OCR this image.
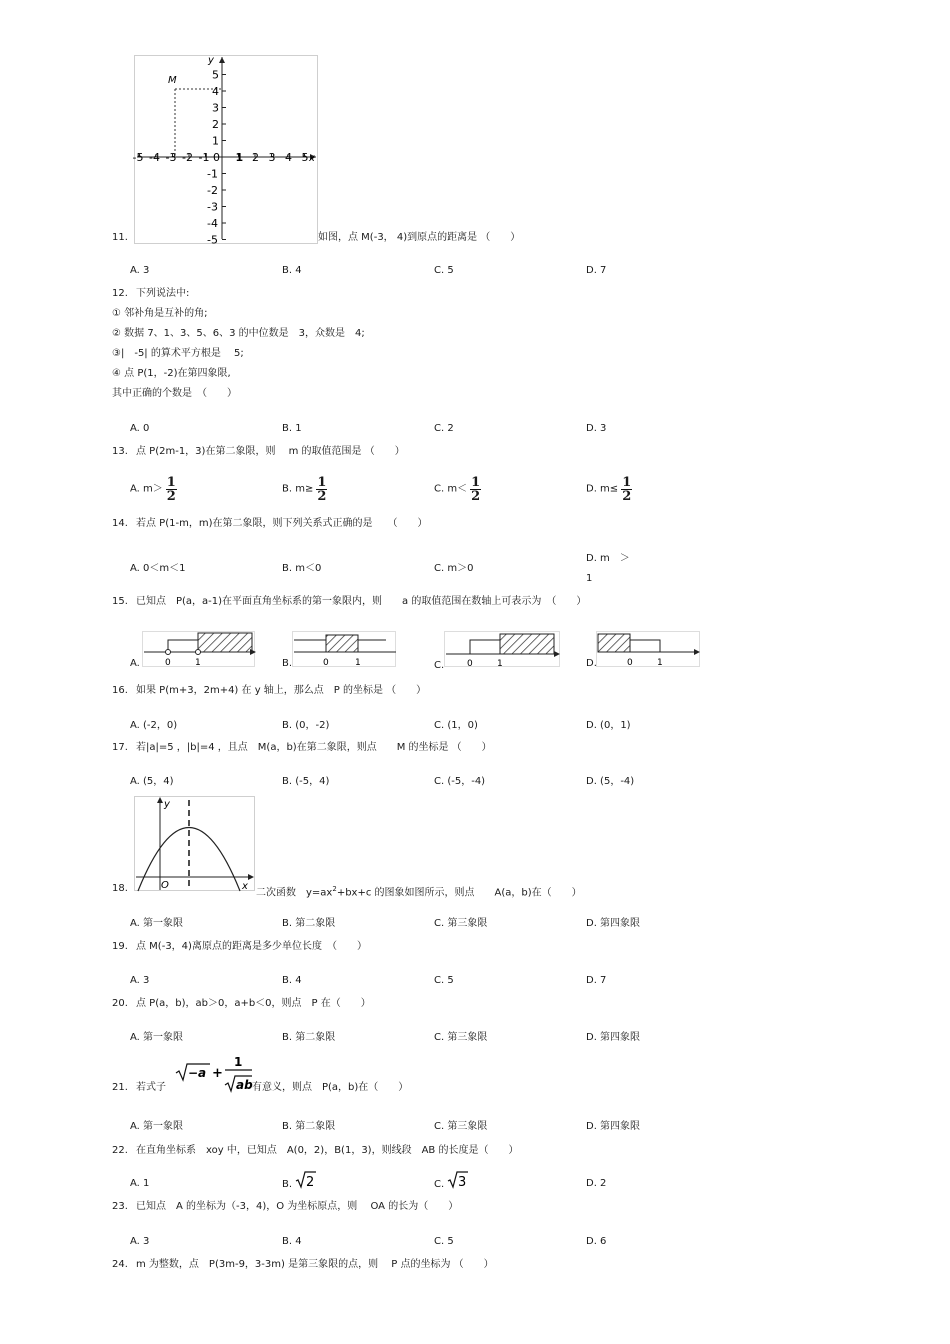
y
x
M
-5 -4 -3 -2 -1 0 1 2 3 4 5
5
4
3
2
1
-1
-2
-3
-4
-5
11.	如图，点 M(-3， 4)到原点的距离是 （　　）
A. 3	B. 4	C. 5	D. 7
12. 下列说法中:
① 邻补角是互补的角;
② 数据 7、1、3、5、6、3 的中位数是　3，众数是　4;
③|　-5| 的算术平方根是　 5;
④ 点 P(1，-2)在第四象限,
其中正确的个数是　（　　）
A. 0	B. 1	C. 2	D. 3
13. 点 P(2m-1，3)在第二象限，则　 m 的取值范围是 （　　）
A. $m> \frac{1}{2}$	B. $m\ge \frac{1}{2}$	C. $m< \frac{1}{2}$	D. $m\le \frac{1}{2}$
14. 若点 P(1-m，m)在第二象限，则下列关系式正确的是　　（　　）
A. 0＜m＜1	B. m＜0	C. m＞0
D. m　＞
1
15. 已知点　P(a，a-1)在平面直角坐标系的第一象限内，则　　a 的取值范围在数轴上可表示为　（　　）
A.	0	1	B.	0	1	C.	0	1	D.	0	1
16. 如果 P(m+3，2m+4) 在 y 轴上，那么点　P 的坐标是 （　　）
A. (-2，0)	B. (0，-2)	C. (1，0)	D. (0，1)
17. 若|a|=5 ，|b|=4 ，且点　M(a，b)在第二象限，则点　　M 的坐标是 （　　）
A. (5，4)	B. (-5，4)	C. (-5，-4)	D. (5，-4)
y
x
O
18.	二次函数　$y=ax^2+bx+c$ 的图象如图所示，则点　　A(a，b)在（　　）
A. 第一象限	B. 第二象限	C. 第三象限	D. 第四象限
19. 点 M(-3，4)离原点的距离是多少单位长度　（　　）
A. 3	B. 4	C. 5	D. 7
20. 点 P(a，b)，ab＞0，a+b＜0，则点　P 在（　　）
A. 第一象限	B. 第二象限	C. 第三象限	D. 第四象限
21. 若式子
−a +
1
ab 有意义，则点　P(a，b)在（　　）
A. 第一象限	B. 第二象限	C. 第三象限	D. 第四象限
22. 在直角坐标系　xoy 中，已知点　A(0，2)，B(1，3)，则线段　AB 的长度是（　　）
A. 1	B. 2	C. 3	D. 2
23. 已知点　A 的坐标为（-3，4)，O 为坐标原点，则　 OA 的长为（　　）
A. 3	B. 4	C. 5	D. 6
24. m 为整数，点　P(3m-9，3-3m) 是第三象限的点，则　 P 点的坐标为 （　　）
